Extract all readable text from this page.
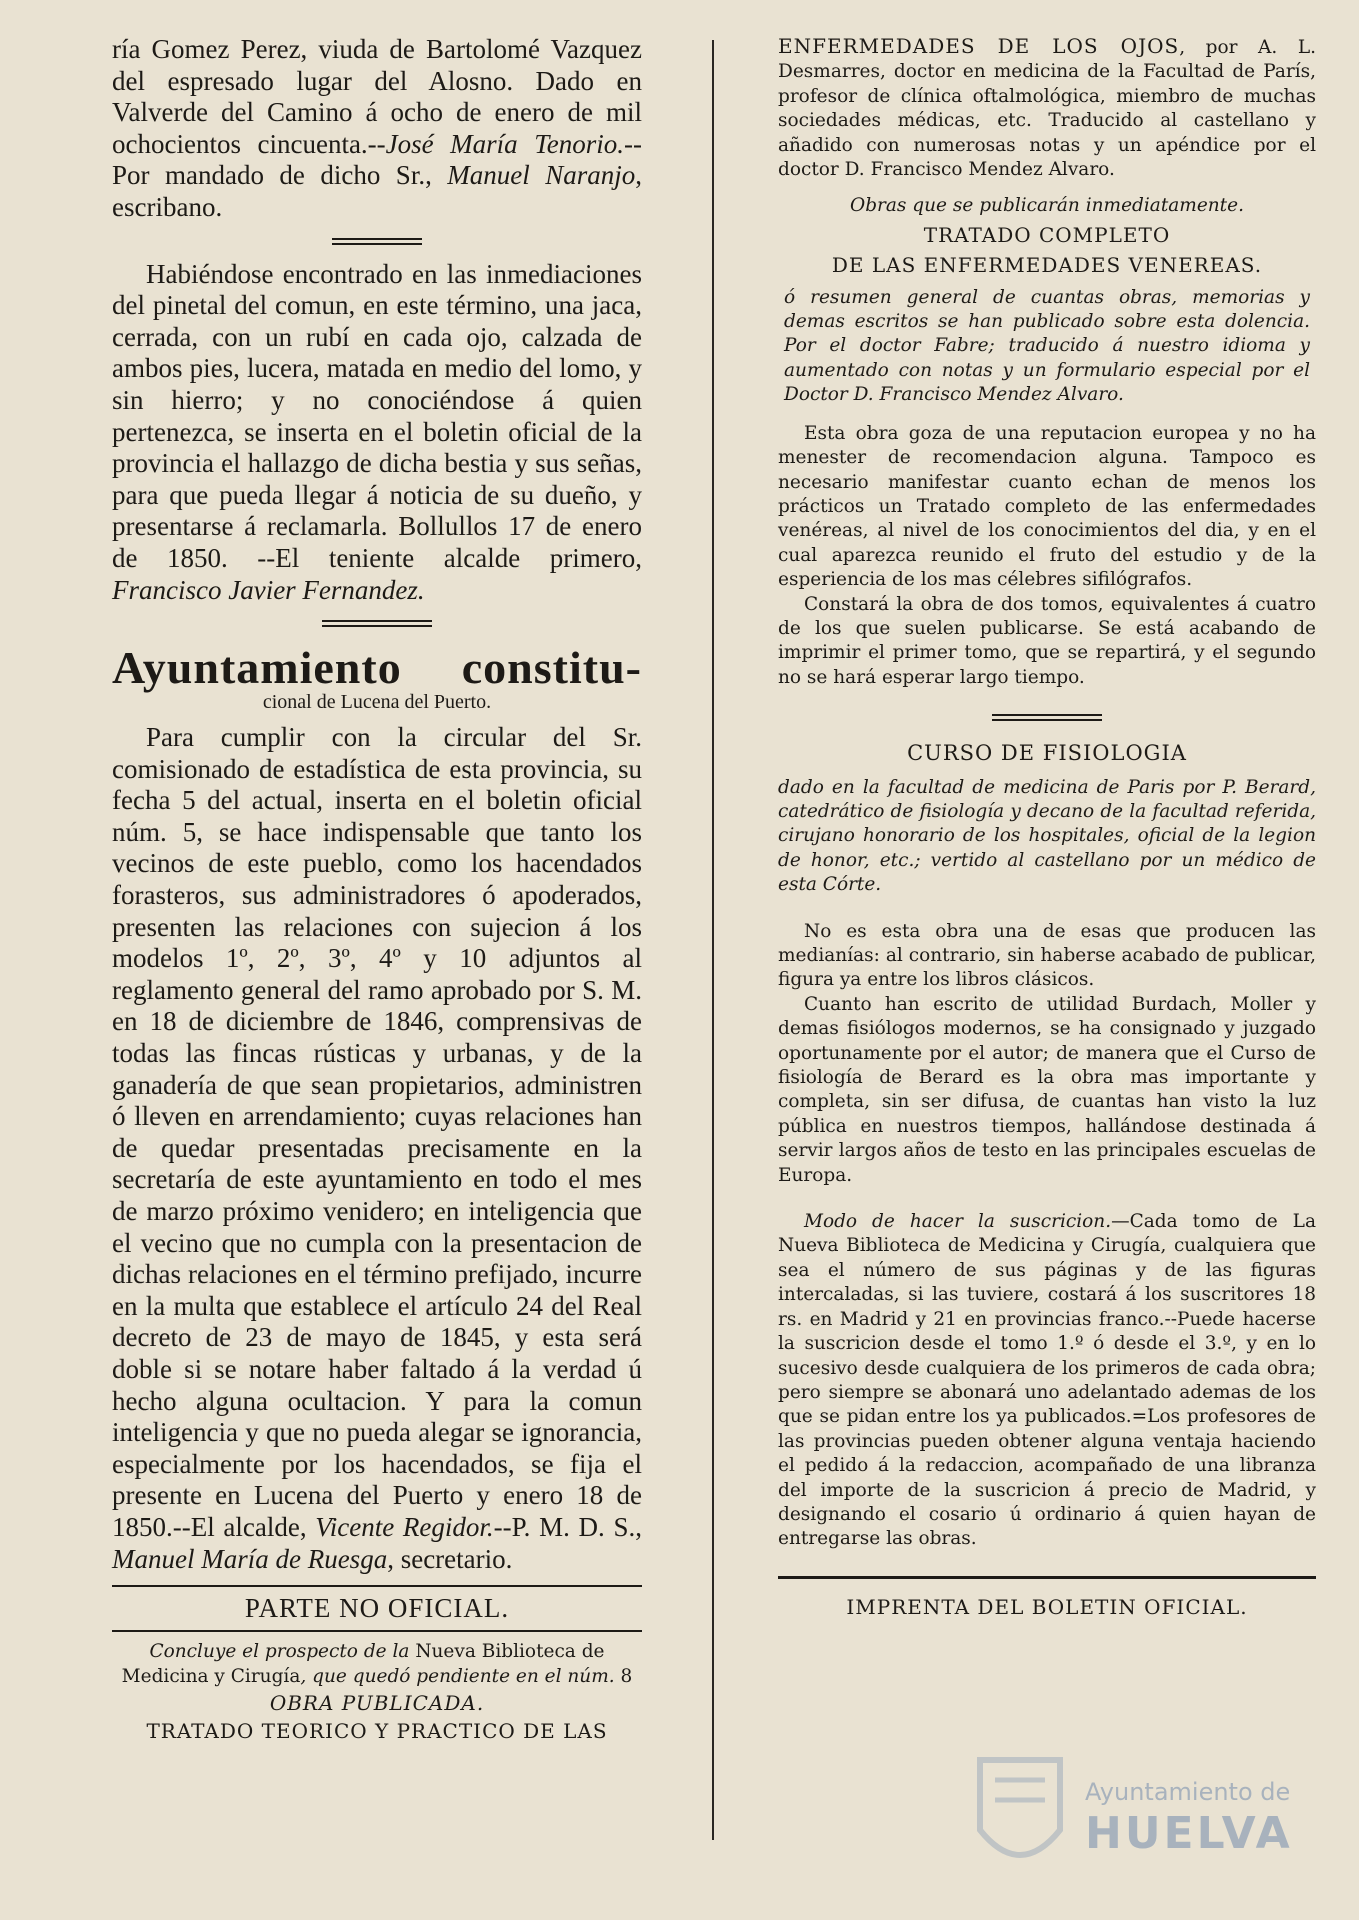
ría Gomez Perez, viuda de Bartolomé Vazquez del espresado lugar del Alosno. Dado en Valverde del Camino á ocho de enero de mil ochocientos cincuenta.--José María Tenorio.--Por mandado de dicho Sr., Manuel Naranjo, escribano.

Habiéndose encontrado en las inmediaciones del pinetal del comun, en este término, una jaca, cerrada, con un rubí en cada ojo, calzada de ambos pies, lucera, matada en medio del lomo, y sin hierro; y no conociéndose á quien pertenezca, se inserta en el boletin oficial de la provincia el hallazgo de dicha bestia y sus señas, para que pueda llegar á noticia de su dueño, y presentarse á reclamarla. Bollullos 17 de enero de 1850. --El teniente alcalde primero, Francisco Javier Fernandez.

Ayuntamiento constitu-
cional de Lucena del Puerto.

Para cumplir con la circular del Sr. comisionado de estadística de esta provincia, su fecha 5 del actual, inserta en el boletin oficial núm. 5, se hace indispensable que tanto los vecinos de este pueblo, como los hacendados forasteros, sus administradores ó apoderados, presenten las relaciones con sujecion á los modelos 1º, 2º, 3º, 4º y 10 adjuntos al reglamento general del ramo aprobado por S. M. en 18 de diciembre de 1846, comprensivas de todas las fincas rústicas y urbanas, y de la ganadería de que sean propietarios, administren ó lleven en arrendamiento; cuyas relaciones han de quedar presentadas precisamente en la secretaría de este ayuntamiento en todo el mes de marzo próximo venidero; en inteligencia que el vecino que no cumpla con la presentacion de dichas relaciones en el término prefijado, incurre en la multa que establece el artículo 24 del Real decreto de 23 de mayo de 1845, y esta será doble si se notare haber faltado á la verdad ú hecho alguna ocultacion. Y para la comun inteligencia y que no pueda alegar se ignorancia, especialmente por los hacendados, se fija el presente en Lucena del Puerto y enero 18 de 1850.--El alcalde, Vicente Regidor.--P. M. D. S., Manuel María de Ruesga, secretario.

PARTE NO OFICIAL.

Concluye el prospecto de la Nueva Biblioteca de Medicina y Cirugía, que quedó pendiente en el núm. 8

OBRA PUBLICADA.
TRATADO TEORICO Y PRACTICO DE LAS

ENFERMEDADES DE LOS OJOS, por A. L. Desmarres, doctor en medicina de la Facultad de París, profesor de clínica oftalmológica, miembro de muchas sociedades médicas, etc. Traducido al castellano y añadido con numerosas notas y un apéndice por el doctor D. Francisco Mendez Alvaro.

Obras que se publicarán inmediatamente.
TRATADO COMPLETO
DE LAS ENFERMEDADES VENEREAS.

ó resumen general de cuantas obras, memorias y demas escritos se han publicado sobre esta dolencia. Por el doctor Fabre; traducido á nuestro idioma y aumentado con notas y un formulario especial por el Doctor D. Francisco Mendez Alvaro.

Esta obra goza de una reputacion europea y no ha menester de recomendacion alguna. Tampoco es necesario manifestar cuanto echan de menos los prácticos un Tratado completo de las enfermedades venéreas, al nivel de los conocimientos del dia, y en el cual aparezca reunido el fruto del estudio y de la esperiencia de los mas célebres sifilógrafos.

Constará la obra de dos tomos, equivalentes á cuatro de los que suelen publicarse. Se está acabando de imprimir el primer tomo, que se repartirá, y el segundo no se hará esperar largo tiempo.

CURSO DE FISIOLOGIA

dado en la facultad de medicina de Paris por P. Berard, catedrático de fisiología y decano de la facultad referida, cirujano honorario de los hospitales, oficial de la legion de honor, etc.; vertido al castellano por un médico de esta Córte.

No es esta obra una de esas que producen las medianías: al contrario, sin haberse acabado de publicar, figura ya entre los libros clásicos.

Cuanto han escrito de utilidad Burdach, Moller y demas fisiólogos modernos, se ha consignado y juzgado oportunamente por el autor; de manera que el Curso de fisiología de Berard es la obra mas importante y completa, sin ser difusa, de cuantas han visto la luz pública en nuestros tiempos, hallándose destinada á servir largos años de testo en las principales escuelas de Europa.

Modo de hacer la suscricion.—Cada tomo de La Nueva Biblioteca de Medicina y Cirugía, cualquiera que sea el número de sus páginas y de las figuras intercaladas, si las tuviere, costará á los suscritores 18 rs. en Madrid y 21 en provincias franco.--Puede hacerse la suscricion desde el tomo 1.º ó desde el 3.º, y en lo sucesivo desde cualquiera de los primeros de cada obra; pero siempre se abonará uno adelantado ademas de los que se pidan entre los ya publicados.=Los profesores de las provincias pueden obtener alguna ventaja haciendo el pedido á la redaccion, acompañado de una libranza del importe de la suscricion á precio de Madrid, y designando el cosario ú ordinario á quien hayan de entregarse las obras.

IMPRENTA DEL BOLETIN OFICIAL.
Ayuntamiento de
HUELVA
